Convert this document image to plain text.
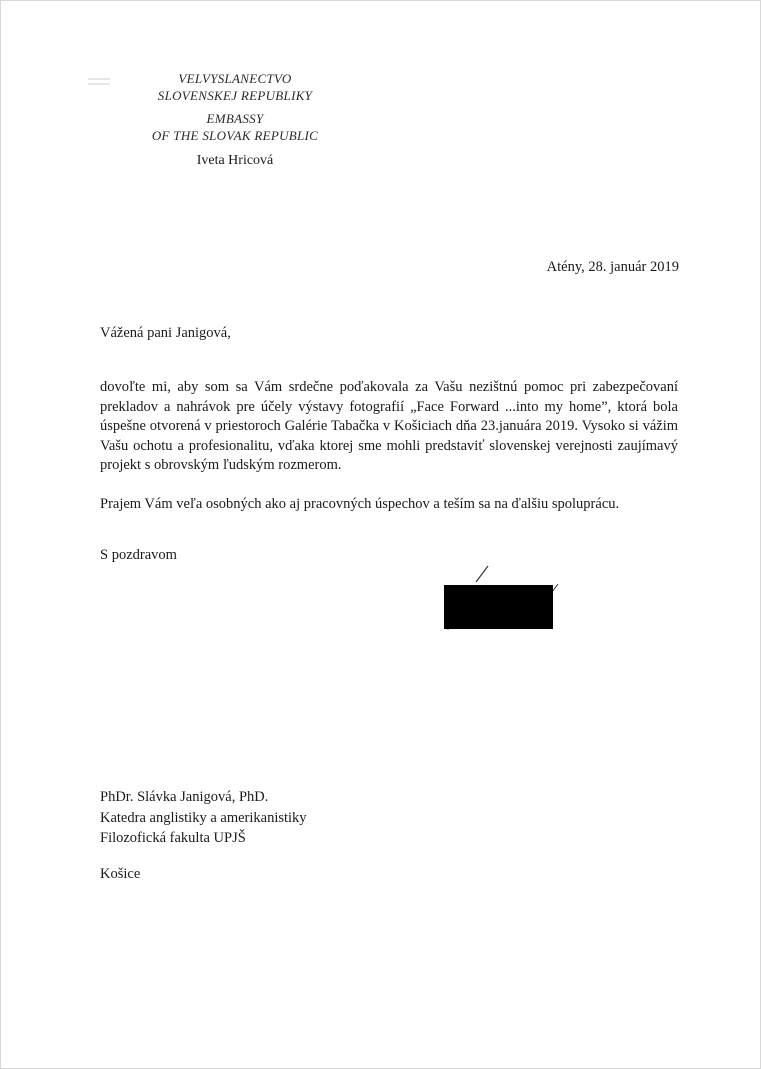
VELVYSLANECTVO
SLOVENSKEJ REPUBLIKY
EMBASSY
OF THE SLOVAK REPUBLIC
Iveta Hricová
Atény, 28. január 2019
Vážená pani Janigová,

dovoľte mi, aby som sa Vám srdečne poďakovala za Vašu nezištnú pomoc pri zabezpečovaní prekladov a nahrávok pre účely výstavy fotografií „Face Forward ...into my home”, ktorá bola úspešne otvorená v priestoroch Galérie Tabačka v Košiciach dňa 23.januára 2019. Vysoko si vážim Vašu ochotu a profesionalitu, vďaka ktorej sme mohli predstaviť slovenskej verejnosti zaujímavý projekt s obrovským ľudským rozmerom.

Prajem Vám veľa osobných ako aj pracovných úspechov a teším sa na ďalšiu spoluprácu.
S pozdravom
PhDr. Slávka Janigová, PhD.
Katedra anglistiky a amerikanistiky
Filozofická fakulta UPJŠ
Košice
